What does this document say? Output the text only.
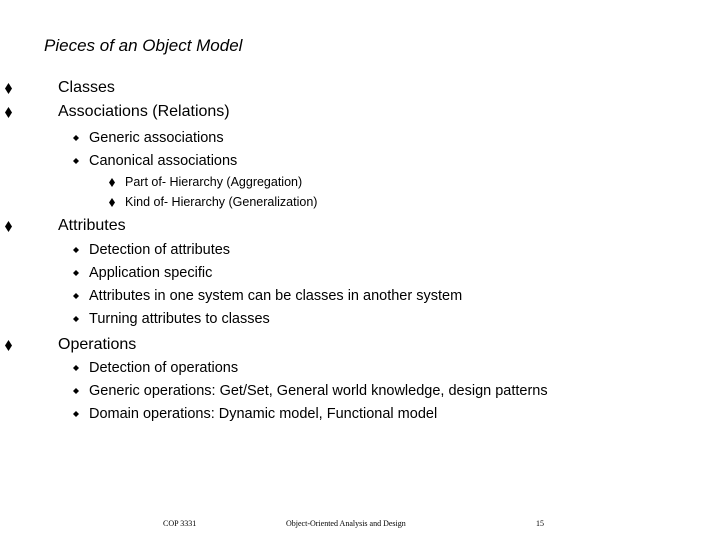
Pieces of an Object Model
Classes
Associations (Relations)
Generic associations
Canonical associations
Part of- Hierarchy (Aggregation)
Kind of- Hierarchy (Generalization)
Attributes
Detection of attributes
Application specific
Attributes in one system can be classes in another system
Turning attributes to classes
Operations
Detection of operations
Generic operations: Get/Set, General world knowledge, design patterns
Domain operations: Dynamic model, Functional model
COP 3331	Object-Oriented Analysis and Design	15
